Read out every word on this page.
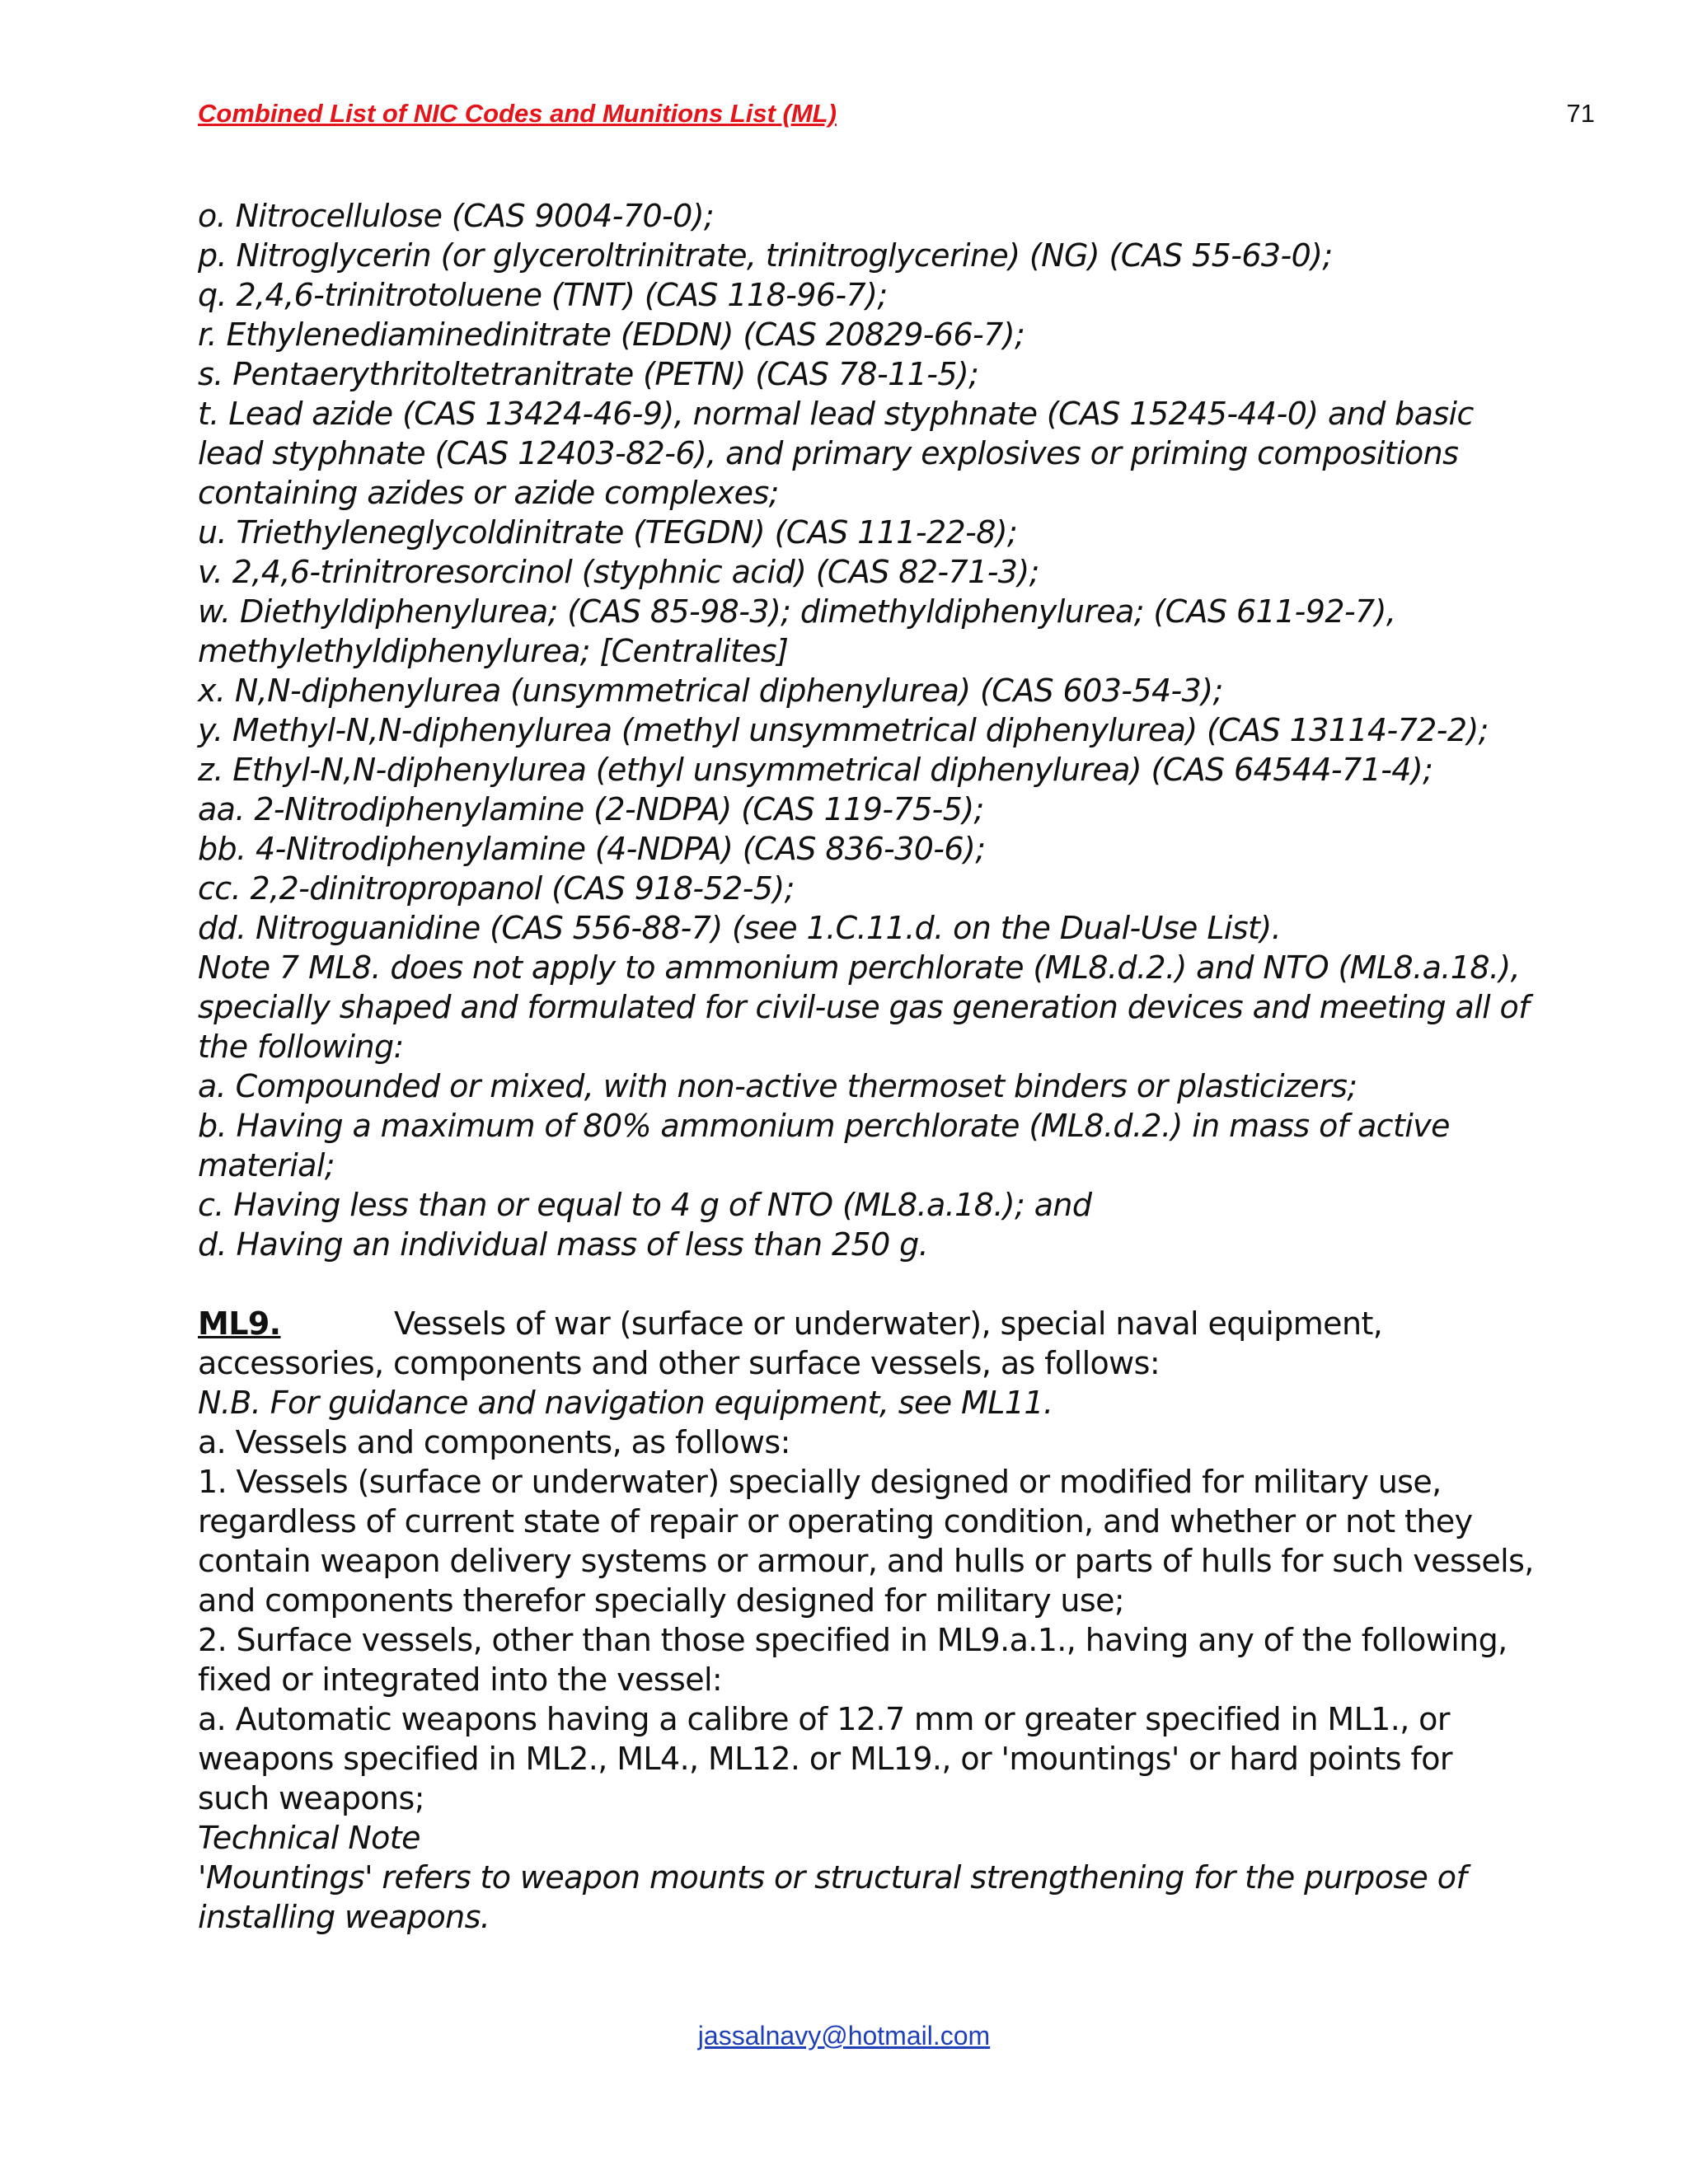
Combined List of NIC Codes and Munitions List (ML)	71
o. Nitrocellulose (CAS 9004-70-0);
p. Nitroglycerin (or glyceroltrinitrate, trinitroglycerine) (NG) (CAS 55-63-0);
q. 2,4,6-trinitrotoluene (TNT) (CAS 118-96-7);
r. Ethylenediaminedinitrate (EDDN) (CAS 20829-66-7);
s. Pentaerythritoltetranitrate (PETN) (CAS 78-11-5);
t. Lead azide (CAS 13424-46-9), normal lead styphnate (CAS 15245-44-0) and basic
lead styphnate (CAS 12403-82-6), and primary explosives or priming compositions
containing azides or azide complexes;
u. Triethyleneglycoldinitrate (TEGDN) (CAS 111-22-8);
v. 2,4,6-trinitroresorcinol (styphnic acid) (CAS 82-71-3);
w. Diethyldiphenylurea; (CAS 85-98-3); dimethyldiphenylurea; (CAS 611-92-7),
methylethyldiphenylurea; [Centralites]
x. N,N-diphenylurea (unsymmetrical diphenylurea) (CAS 603-54-3);
y. Methyl-N,N-diphenylurea (methyl unsymmetrical diphenylurea) (CAS 13114-72-2);
z. Ethyl-N,N-diphenylurea (ethyl unsymmetrical diphenylurea) (CAS 64544-71-4);
aa. 2-Nitrodiphenylamine (2-NDPA) (CAS 119-75-5);
bb. 4-Nitrodiphenylamine (4-NDPA) (CAS 836-30-6);
cc. 2,2-dinitropropanol (CAS 918-52-5);
dd. Nitroguanidine (CAS 556-88-7) (see 1.C.11.d. on the Dual-Use List).
Note 7 ML8. does not apply to ammonium perchlorate (ML8.d.2.) and NTO (ML8.a.18.),
specially shaped and formulated for civil-use gas generation devices and meeting all of
the following:
a. Compounded or mixed, with non-active thermoset binders or plasticizers;
b. Having a maximum of 80% ammonium perchlorate (ML8.d.2.) in mass of active
material;
c. Having less than or equal to 4 g of NTO (ML8.a.18.); and
d. Having an individual mass of less than 250 g.
ML9.	Vessels of war (surface or underwater), special naval equipment,
accessories, components and other surface vessels, as follows:
N.B. For guidance and navigation equipment, see ML11.
a. Vessels and components, as follows:
1. Vessels (surface or underwater) specially designed or modified for military use,
regardless of current state of repair or operating condition, and whether or not they
contain weapon delivery systems or armour, and hulls or parts of hulls for such vessels,
and components therefor specially designed for military use;
2. Surface vessels, other than those specified in ML9.a.1., having any of the following,
fixed or integrated into the vessel:
a. Automatic weapons having a calibre of 12.7 mm or greater specified in ML1., or
weapons specified in ML2., ML4., ML12. or ML19., or 'mountings' or hard points for
such weapons;
Technical Note
'Mountings' refers to weapon mounts or structural strengthening for the purpose of
installing weapons.
jassalnavy@hotmail.com
